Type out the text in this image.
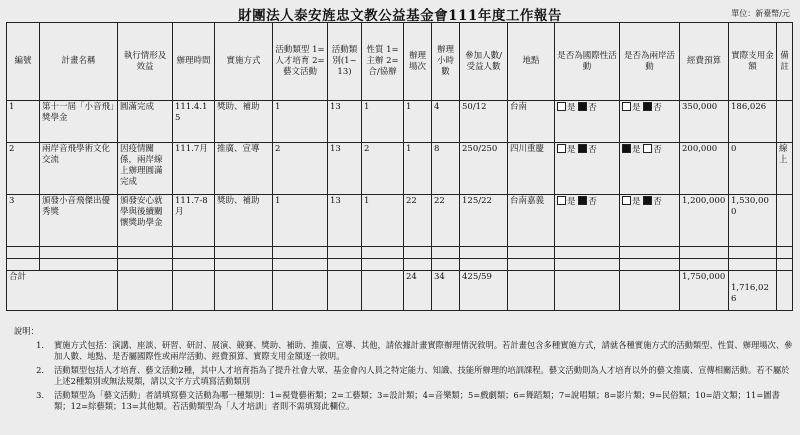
財團法人泰安旌忠文教公益基金會111年度工作報告	單位：新臺幣/元
編號	計畫名稱	執行情形及效益	辦理時間	實施方式	活動類型 1=人才培育 2=藝文活動	活動類別(1~13)	性質 1=主辦 2=合/協辦	辦理場次	辦理小時數	參加人數/受益人數	地點	是否為國際性活動	是否為兩岸活動	經費預算	實際支用金額	備註
1	第十一屆「小音飛」獎學金	圓滿完成	111.4.15	獎助、補助	1	13	1	1	4	50/12	台南	是 否	是 否	350,000	186,026	
2	兩岸音飛學術文化交流	因疫情關係，兩岸線上辦理圓滿完成	111.7月	推廣、宣導	2	13	2	1	8	250/250	四川重慶	是 否	是 否	200,000	0	線上
3	頒發小音飛傑出優秀獎	頒發安心就學與後續關懷獎助學金	111.7-8月	獎助、補助	1	13	1	22	22	125/22	台南嘉義	是 否	是 否	1,200,000	1,530,000	

合計								24	34	425/59				1,750,000	1,716,026	
說明：
1.	實施方式包括：演講、座談、研習、研討、展演、競賽、獎助、補助、推廣、宣導、其他，請依據計畫實際辦理情況敘明。若計畫包含多種實施方式，請就各種實施方式的活動類型、性質、辦理場次、參加人數、地點、是否屬國際性或兩岸活動、經費預算、實際支用金額逐一敘明。
2.	活動類型包括人才培育、藝文活動2種，其中人才培育指為了提升社會大眾、基金會內人員之特定能力、知識、技能所辦理的培訓課程。藝文活動則為人才培育以外的藝文推廣、宣傳相關活動。若不屬於上述2種類別或無法規類，請以文字方式填寫活動類別
3.	活動類型為「藝文活動」者請填寫藝文活動為哪一種類別：1=視覺藝術類；2=工藝類；3=設計類；4=音樂類；5=戲劇類；6=舞蹈類；7=說唱類；8=影片類；9=民俗類；10=語文類；11=圖書類；12=綜藝類；13=其他類。若活動類型為「人才培訓」者則不需填寫此欄位。
